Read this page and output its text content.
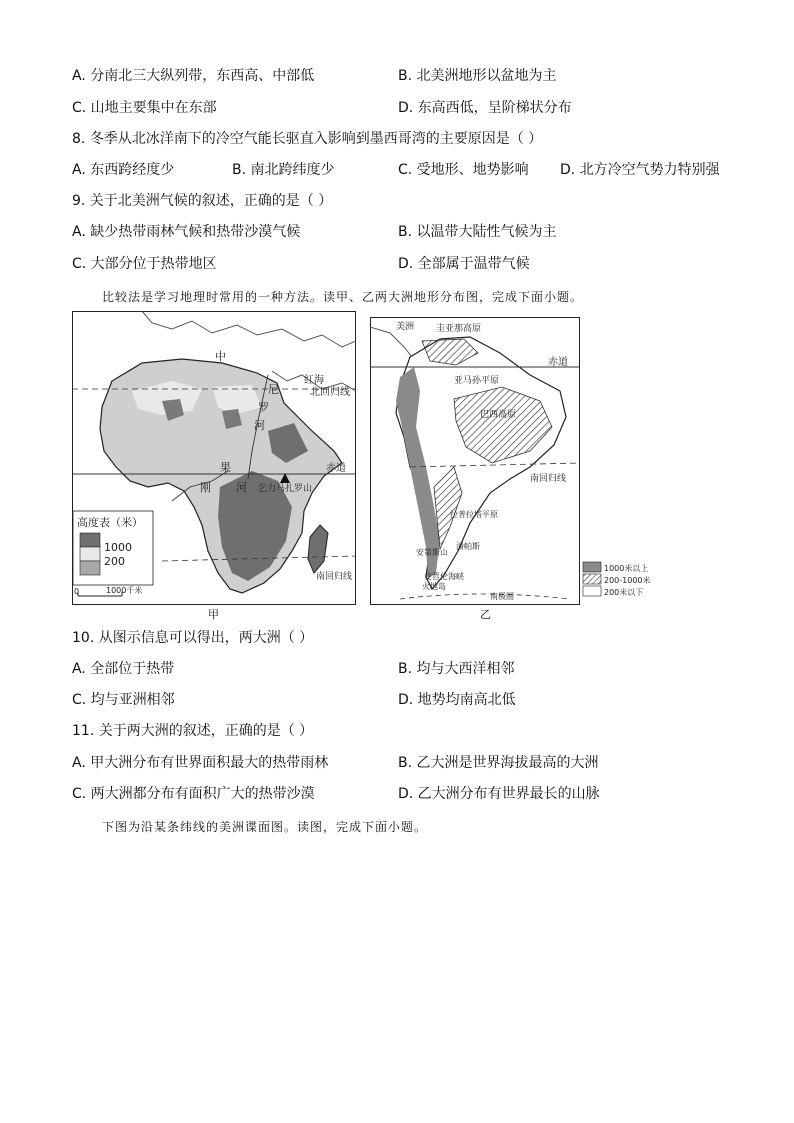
A. 分南北三大纵列带，东西高、中部低	B. 北美洲地形以盆地为主
C. 山地主要集中在东部	D. 东高西低，呈阶梯状分布
8. 冬季从北冰洋南下的冷空气能长驱直入影响到墨西哥湾的主要原因是（ ）
A. 东西跨经度少	B. 南北跨纬度少	C. 受地形、地势影响 D. 北方冷空气势力特别强
9. 关于北美洲气候的叙述，正确的是（ ）
A. 缺少热带雨林气候和热带沙漠气候	B. 以温带大陆性气候为主
C. 大部分位于热带地区	D. 全部属于温带气候
比较法是学习地理时常用的一种方法。读甲、乙两大洲地形分布图，完成下面小题。
中
尼
罗
河
红海
北回归线
赤道
果
刚 河 乞力马扎罗山
南回归线
高度表（米）
1000
200
0	1000千米
甲
美洲 圭亚那高原
赤道
亚马孙平原
巴西高原
南回归线
拉普拉塔平原
安第斯山
潘帕斯
麦哲伦海峡
火地岛
南极圈
1000米以上
200-1000米
200米以下
乙
10. 从图示信息可以得出，两大洲（ ）
A. 全部位于热带	B. 均与大西洋相邻
C. 均与亚洲相邻	D. 地势均南高北低
11. 关于两大洲的叙述，正确的是（ ）
A. 甲大洲分布有世界面积最大的热带雨林	B. 乙大洲是世界海拔最高的大洲
C. 两大洲都分布有面积广大的热带沙漠	D. 乙大洲分布有世界最长的山脉
下图为沿某条纬线的美洲谍面图。读图，完成下面小题。
